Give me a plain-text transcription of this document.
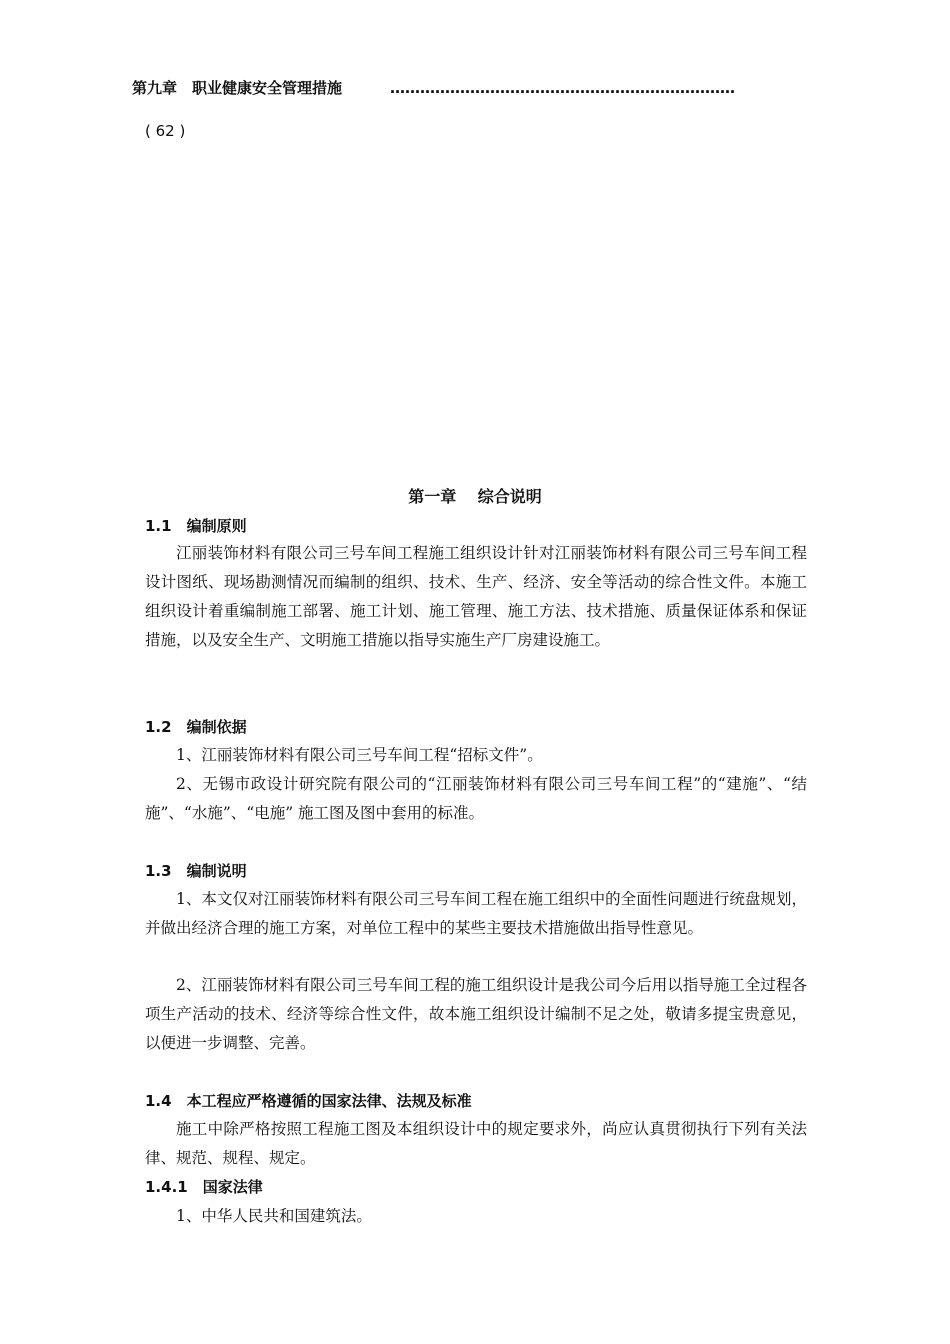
第九章　职业健康安全管理措施	……………………………………………………………
( 62 )
第一章　 综合说明
1.1　编制原则
江丽装饰材料有限公司三号车间工程施工组织设计针对江丽装饰材料有限公司三号车间工程设计图纸、现场勘测情况而编制的组织、技术、生产、经济、安全等活动的综合性文件。本施工组织设计着重编制施工部署、施工计划、施工管理、施工方法、技术措施、质量保证体系和保证措施，以及安全生产、文明施工措施以指导实施生产厂房建设施工。
1.2　编制依据
1、江丽装饰材料有限公司三号车间工程“招标文件”。
2、无锡市政设计研究院有限公司的“江丽装饰材料有限公司三号车间工程”的“建施”、“结施”、“水施”、“电施” 施工图及图中套用的标准。
1.3　编制说明
1、本文仅对江丽装饰材料有限公司三号车间工程在施工组织中的全面性问题进行统盘规划，并做出经济合理的施工方案，对单位工程中的某些主要技术措施做出指导性意见。
2、江丽装饰材料有限公司三号车间工程的施工组织设计是我公司今后用以指导施工全过程各项生产活动的技术、经济等综合性文件，故本施工组织设计编制不足之处，敬请多提宝贵意见，以便进一步调整、完善。
1.4　本工程应严格遵循的国家法律、法规及标准
施工中除严格按照工程施工图及本组织设计中的规定要求外，尚应认真贯彻执行下列有关法律、规范、规程、规定。
1.4.1　国家法律
1、中华人民共和国建筑法。
